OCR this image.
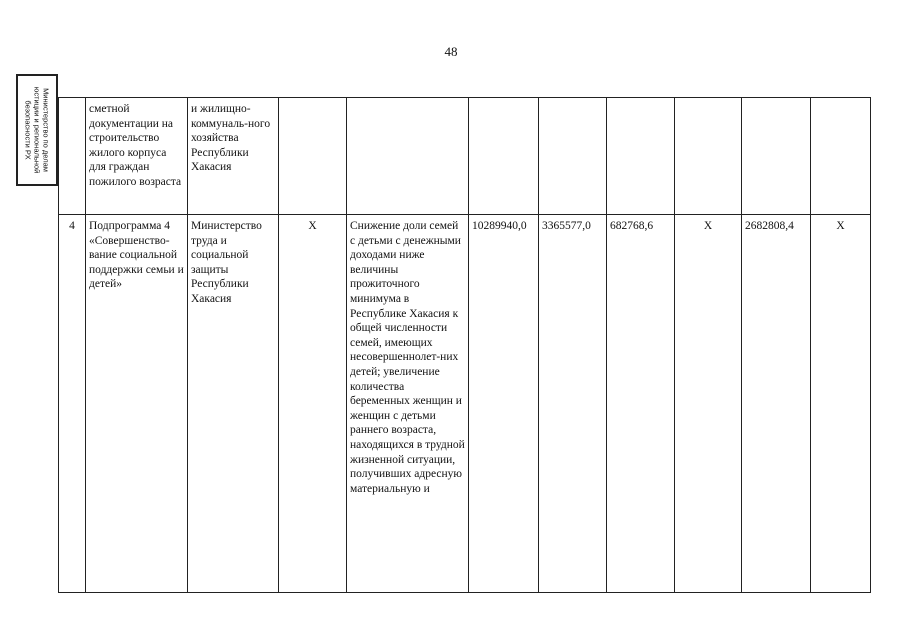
48
Министерство по делам юстиции и региональной безопасности РХ

	сметной документации на строительство жилого корпуса для граждан пожилого возраста	и жилищно-коммуналь-ного хозяйства Республики Хакасия								

4	Подпрограмма 4 «Совершенство-вание социальной поддержки семьи и детей»	Министерство труда и социальной защиты Республики Хакасия	X	Снижение доли семей с детьми с денежными доходами ниже величины прожиточного минимума в Республике Хакасия к общей численности семей, имеющих несовершеннолет-них детей; увеличение количества беременных женщин и женщин с детьми раннего возраста, находящихся в трудной жизненной ситуации, получивших адресную материальную и	10289940,0	3365577,0	682768,6	X	2682808,4	X
